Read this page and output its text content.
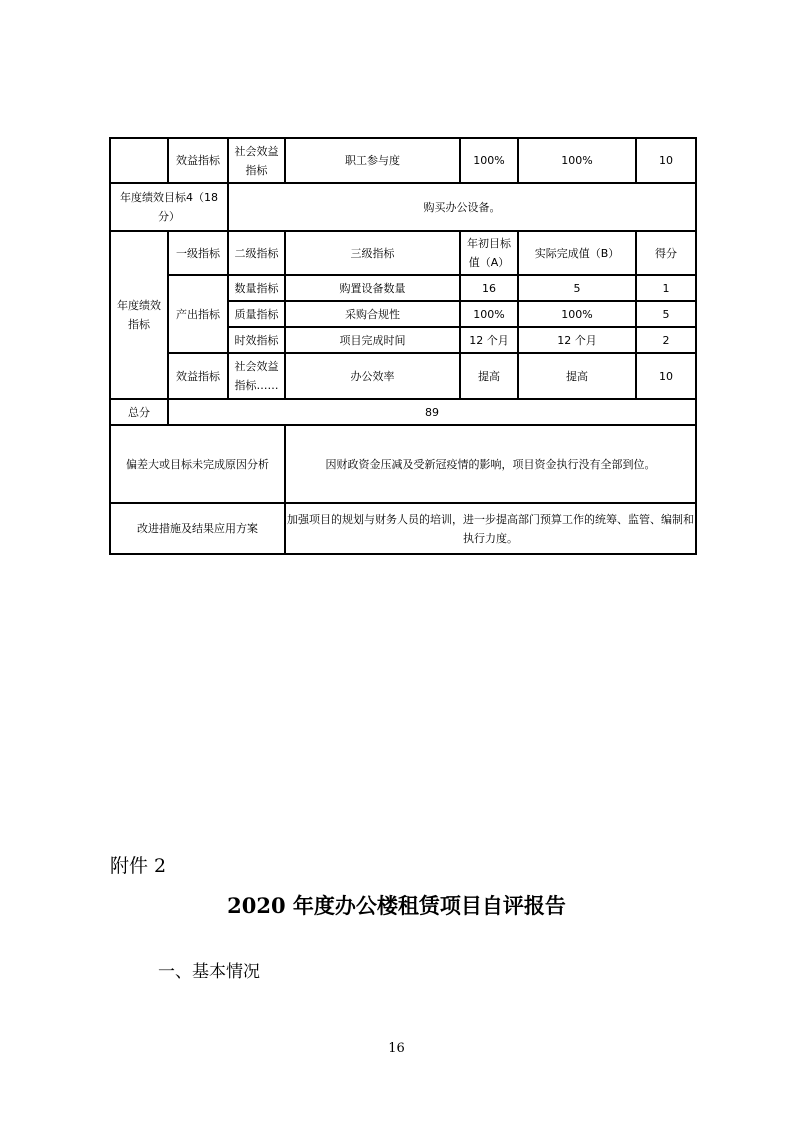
	效益指标	社会效益指标	职工参与度	100%	100%	10
年度绩效目标4（18分）		购买办公设备。				
年度绩效指标	一级指标	二级指标	三级指标	年初目标值（A）	实际完成值（B）	得分
	产出指标	数量指标	购置设备数量	16	5	1
		质量指标	采购合规性	100%	100%	5
		时效指标	项目完成时间	12 个月	12 个月	2
	效益指标	社会效益指标……	办公效率	提高	提高	10
总分	89					
偏差大或目标未完成原因分析			因财政资金压减及受新冠疫情的影响，项目资金执行没有全部到位。			
改进措施及结果应用方案			加强项目的规划与财务人员的培训，进一步提高部门预算工作的统筹、监管、编制和执行力度。			
附件 2
2020 年度办公楼租赁项目自评报告
一、基本情况
16
